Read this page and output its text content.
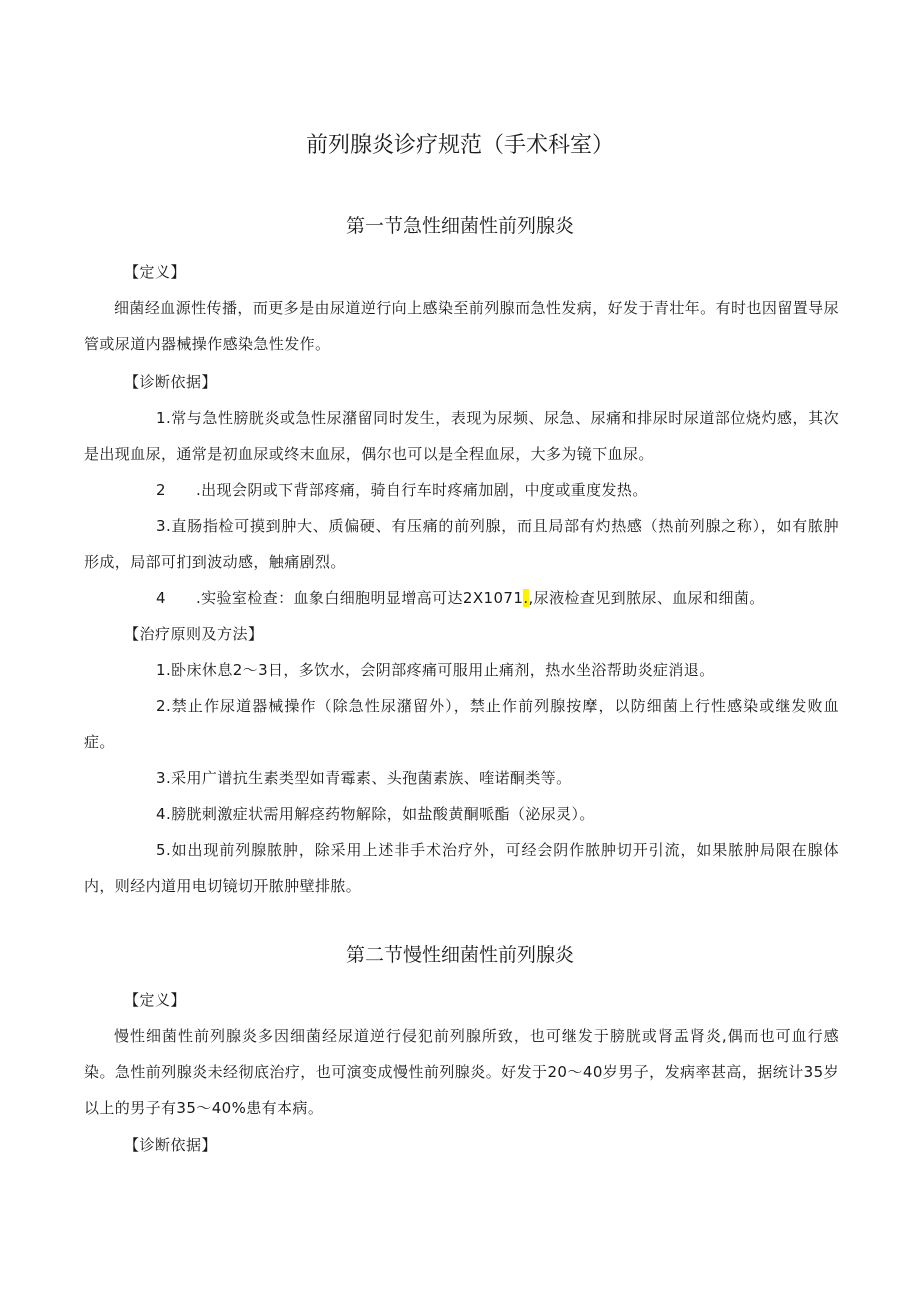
前列腺炎诊疗规范（手术科室）
第一节急性细菌性前列腺炎
【定义】

细菌经血源性传播，而更多是由尿道逆行向上感染至前列腺而急性发病，好发于青壮年。有时也因留置导尿管或尿道内器械操作感染急性发作。

【诊断依据】

1.常与急性膀胱炎或急性尿潴留同时发生，表现为尿频、尿急、尿痛和排尿时尿道部位烧灼感，其次是出现血尿，通常是初血尿或终末血尿，偶尔也可以是全程血尿，大多为镜下血尿。

2 .出现会阴或下背部疼痛，骑自行车时疼痛加剧，中度或重度发热。

3.直肠指检可摸到肿大、质偏硬、有压痛的前列腺，而且局部有灼热感（热前列腺之称），如有脓肿形成，局部可扪到波动感，触痛剧烈。

4 .实验室检查：血象白细胞明显增高可达2X1071.,尿液检查见到脓尿、血尿和细菌。

【治疗原则及方法】

1.卧床休息2～3日，多饮水，会阴部疼痛可服用止痛剂，热水坐浴帮助炎症消退。

2.禁止作尿道器械操作（除急性尿潴留外），禁止作前列腺按摩，以防细菌上行性感染或继发败血症。

3.采用广谱抗生素类型如青霉素、头孢菌素族、喹诺酮类等。

4.膀胱刺激症状需用解痉药物解除，如盐酸黄酮哌酯（泌尿灵）。

5.如出现前列腺脓肿，除采用上述非手术治疗外，可经会阴作脓肿切开引流，如果脓肿局限在腺体内，则经内道用电切镜切开脓肿壁排脓。

第二节慢性细菌性前列腺炎
【定义】

慢性细菌性前列腺炎多因细菌经尿道逆行侵犯前列腺所致，也可继发于膀胱或肾盂肾炎,偶而也可血行感染。急性前列腺炎未经彻底治疗，也可演变成慢性前列腺炎。好发于20～40岁男子，发病率甚高，据统计35岁以上的男子有35～40%患有本病。

【诊断依据】
